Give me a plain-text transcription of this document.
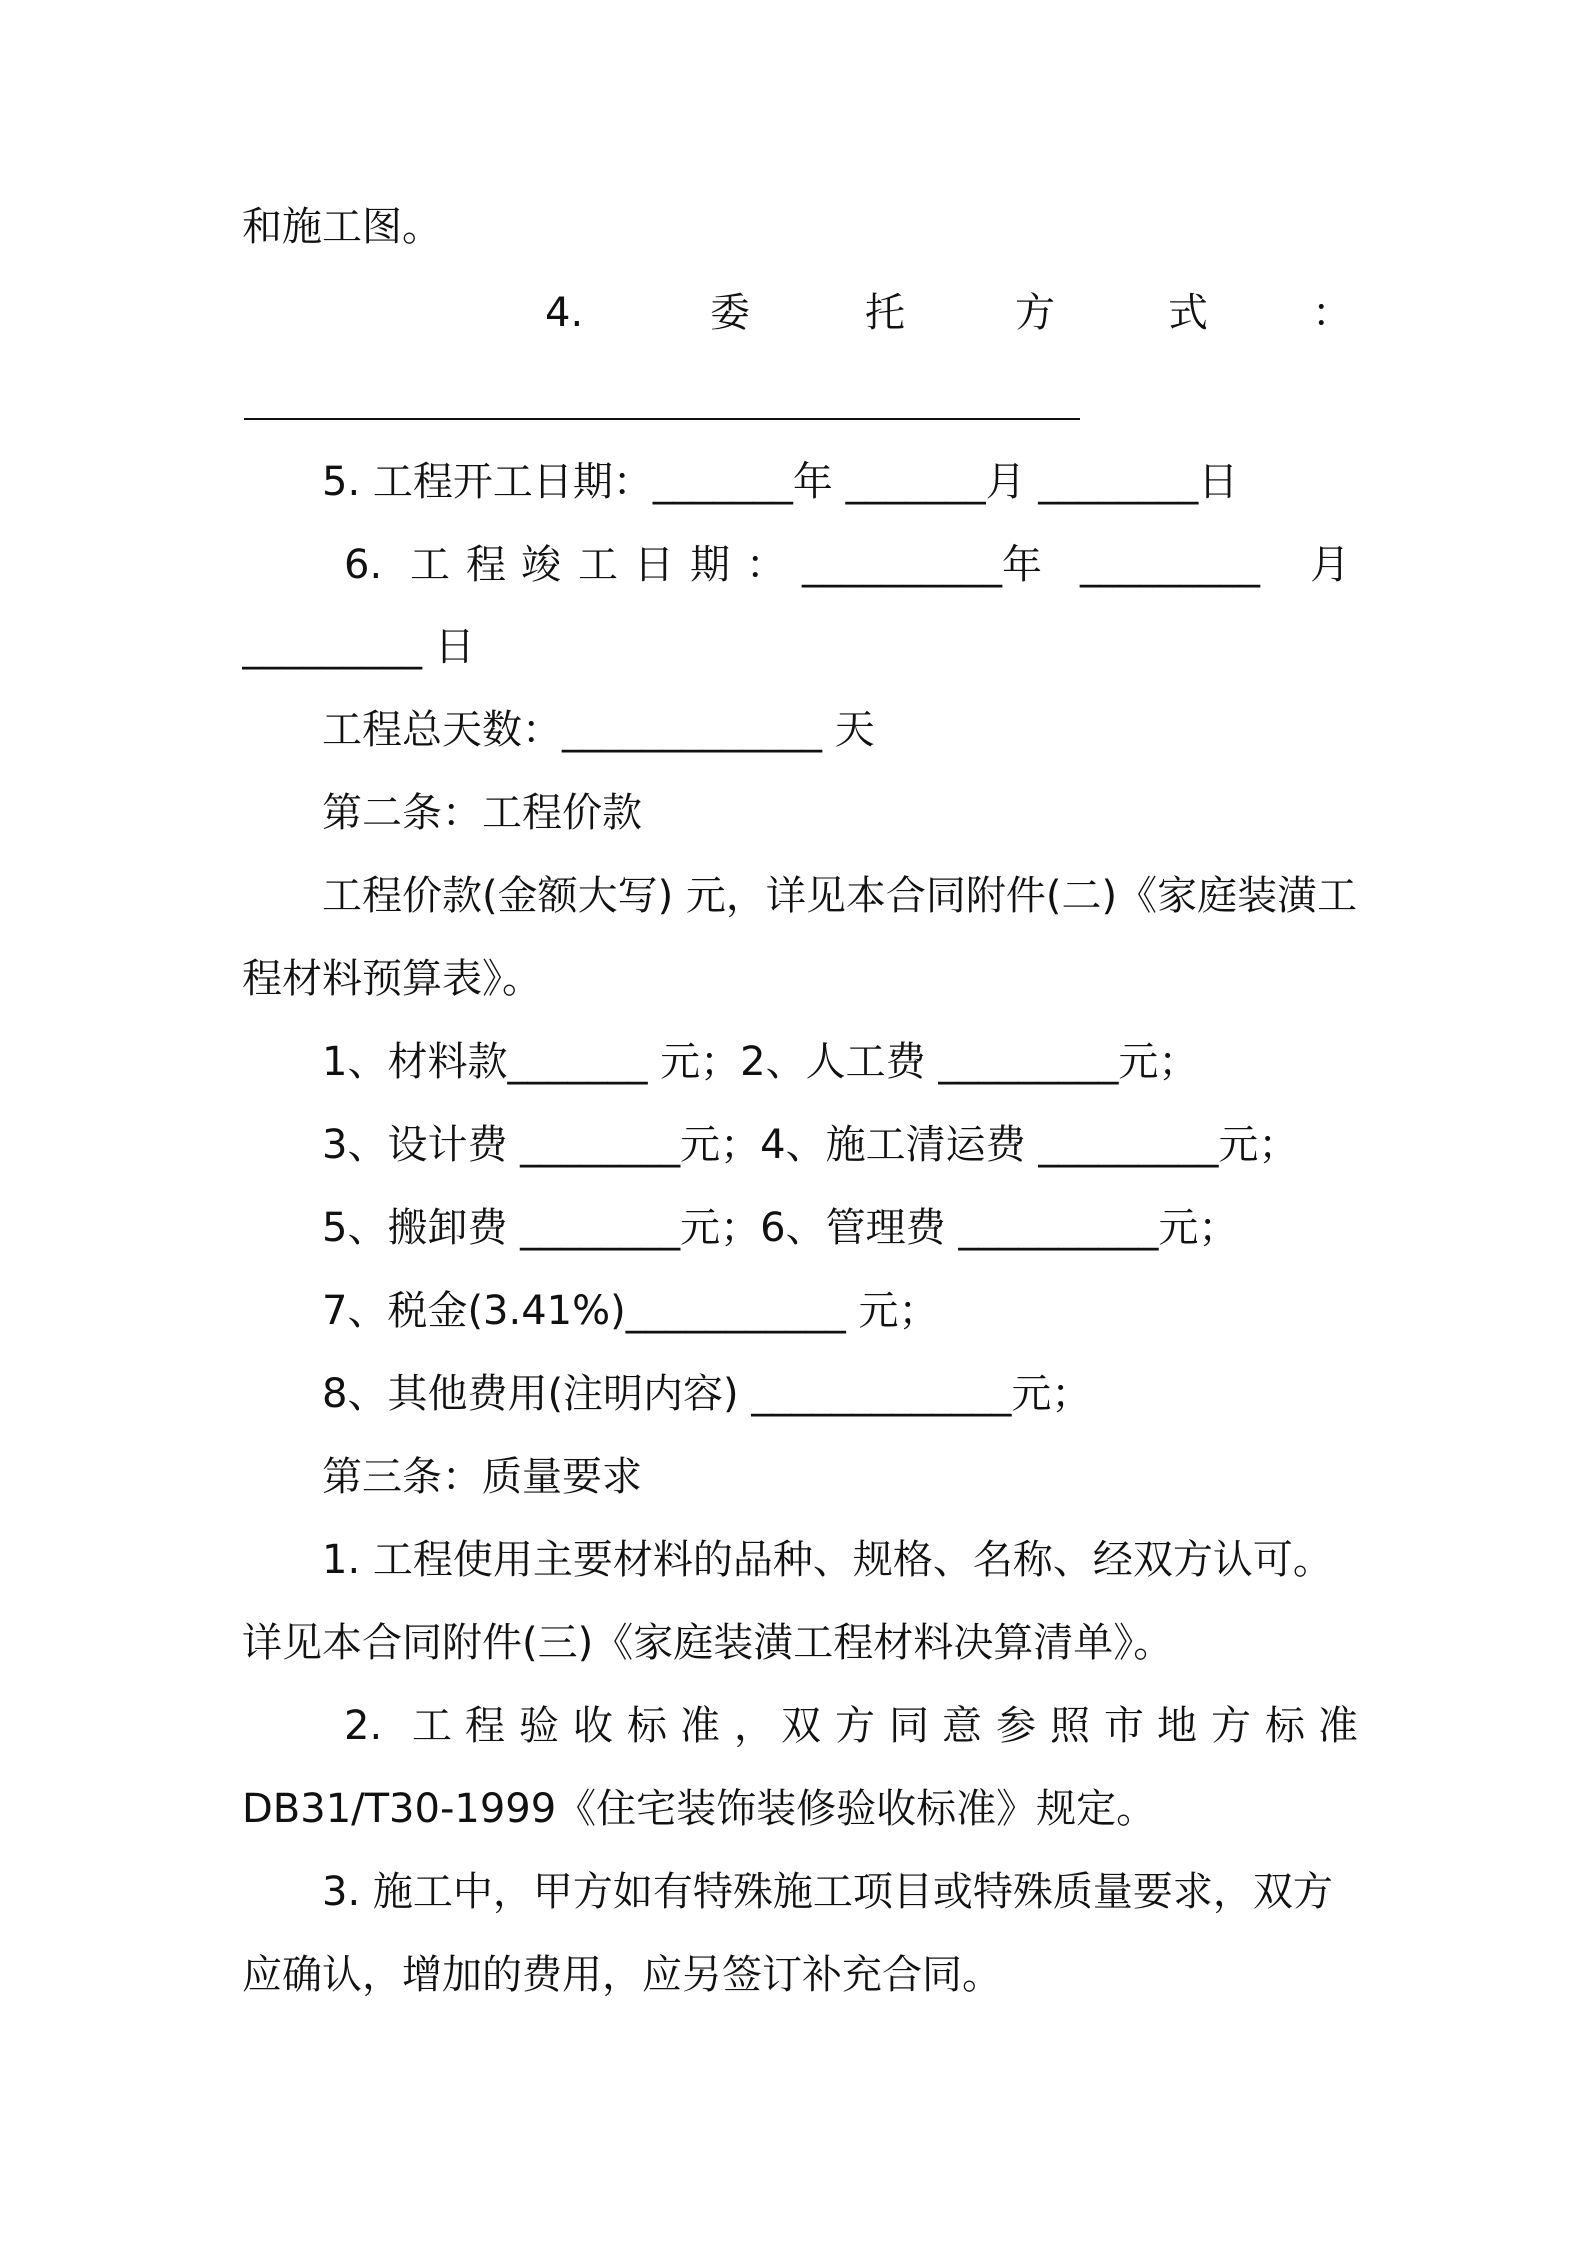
和施工图。
4.	委	托	方	式	：
5. 工程开工日期：_______年 _______月 ________日
6. 工 程 竣 工 日 期 ： __________年 _________ 月
_________ 日
工程总天数：_____________ 天
第二条：工程价款
工程价款(金额大写) 元，详见本合同附件(二)《家庭装潢工
程材料预算表》。
1、材料款_______ 元；2、人工费 _________元；
3、设计费 ________元；4、施工清运费 _________元；
5、搬卸费 ________元；6、管理费 __________元；
7、税金(3.41%)___________ 元；
8、其他费用(注明内容) _____________元；
第三条：质量要求
1. 工程使用主要材料的品种、规格、名称、经双方认可。
详见本合同附件(三)《家庭装潢工程材料决算清单》。
2. 工 程 验 收 标 准 ， 双 方 同 意 参 照 市 地 方 标 准
DB31/T30-1999《住宅装饰装修验收标准》规定。
3. 施工中，甲方如有特殊施工项目或特殊质量要求，双方
应确认，增加的费用，应另签订补充合同。
